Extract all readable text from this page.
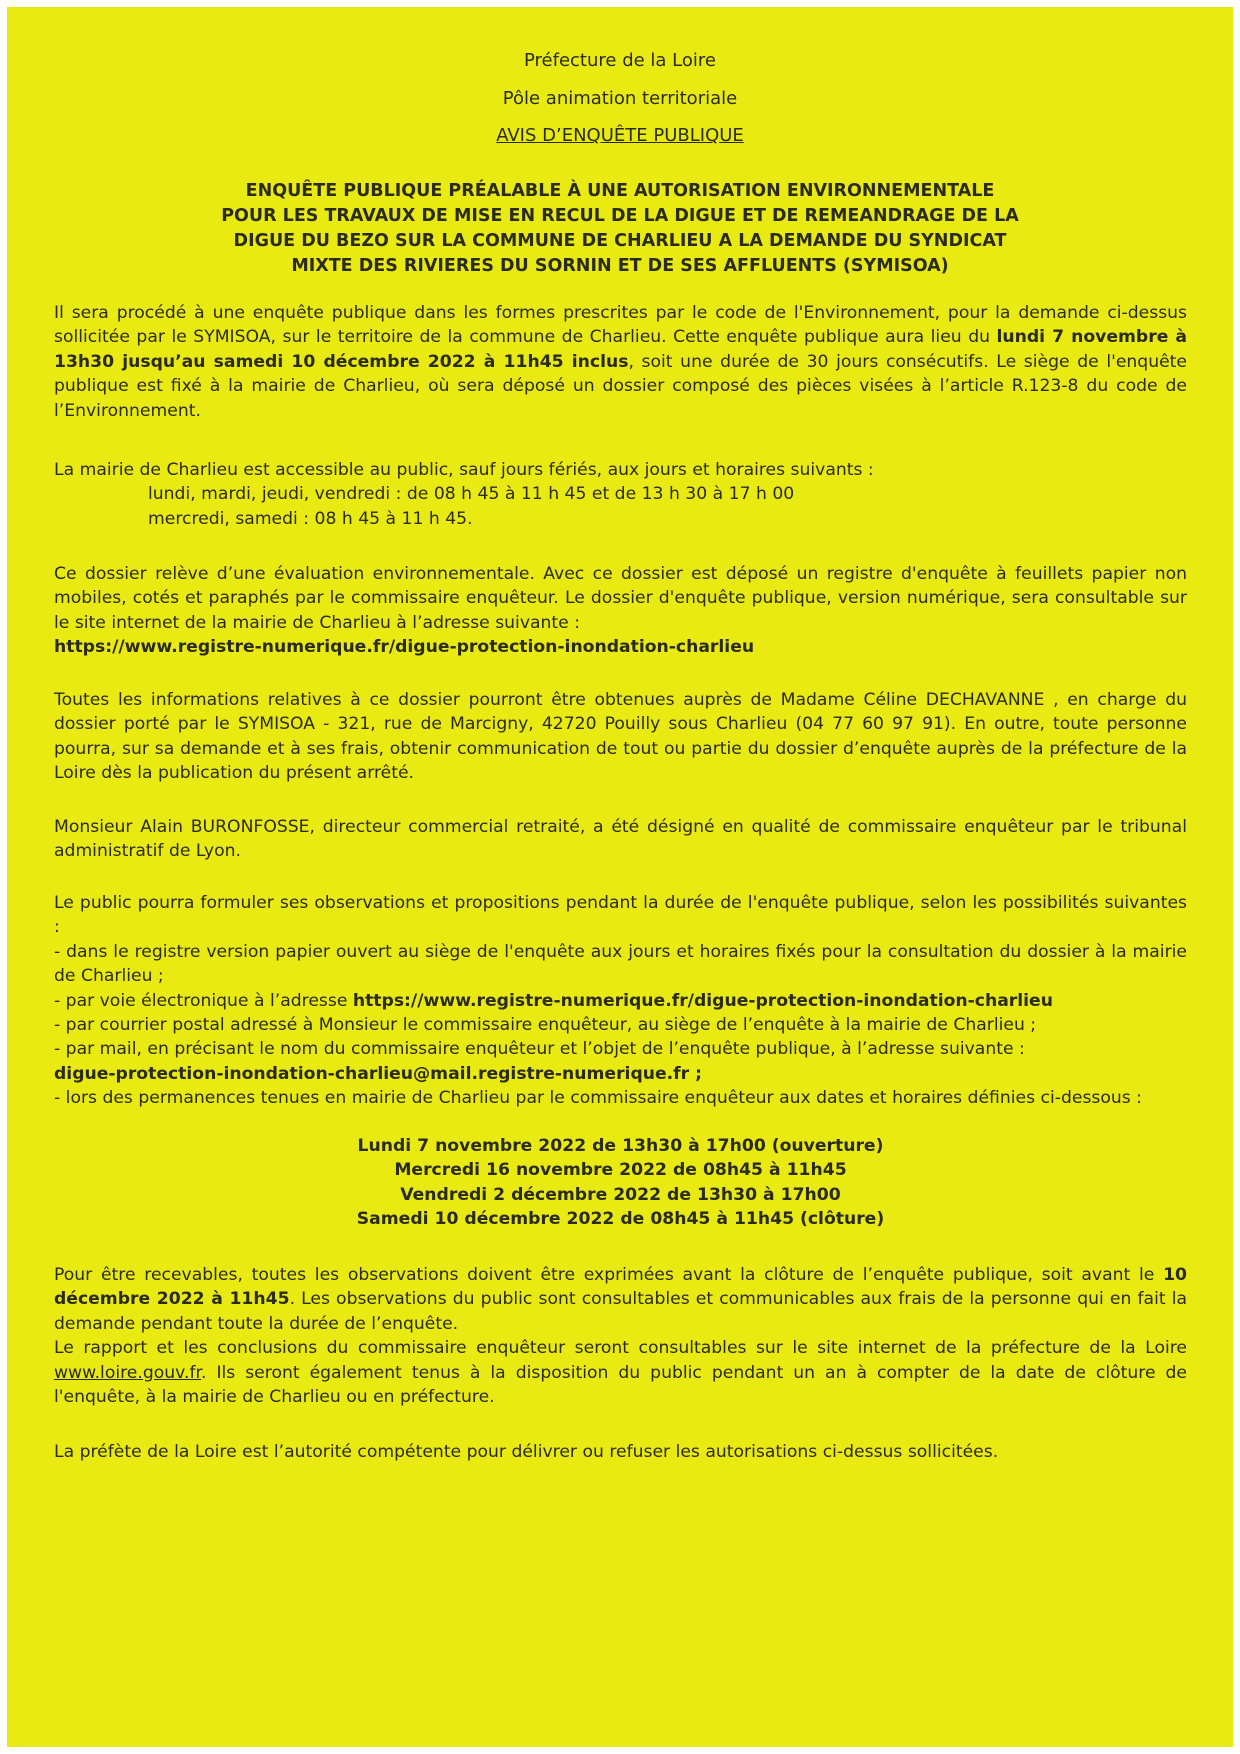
Préfecture de la Loire
Pôle animation territoriale
AVIS D’ENQUÊTE PUBLIQUE
ENQUÊTE PUBLIQUE PRÉALABLE À UNE AUTORISATION ENVIRONNEMENTALE
POUR LES TRAVAUX DE MISE EN RECUL DE LA DIGUE ET DE REMEANDRAGE DE LA
DIGUE DU BEZO SUR LA COMMUNE DE CHARLIEU A LA DEMANDE DU SYNDICAT
MIXTE DES RIVIERES DU SORNIN ET DE SES AFFLUENTS (SYMISOA)

Il sera procédé à une enquête publique dans les formes prescrites par le code de l'Environnement, pour la demande ci-dessus sollicitée par le SYMISOA, sur le territoire de la commune de Charlieu. Cette enquête publique aura lieu du lundi 7 novembre à 13h30 jusqu’au samedi 10 décembre 2022 à 11h45 inclus, soit une durée de 30 jours consécutifs. Le siège de l'enquête publique est fixé à la mairie de Charlieu, où sera déposé un dossier composé des pièces visées à l’article R.123-8 du code de l’Environnement.

La mairie de Charlieu est accessible au public, sauf jours fériés, aux jours et horaires suivants :

lundi, mardi, jeudi, vendredi : de 08 h 45 à 11 h 45 et de 13 h 30 à 17 h 00

mercredi, samedi : 08 h 45 à 11 h 45.

Ce dossier relève d’une évaluation environnementale. Avec ce dossier est déposé un registre d'enquête à feuillets papier non mobiles, cotés et paraphés par le commissaire enquêteur. Le dossier d'enquête publique, version numérique, sera consultable sur le site internet de la mairie de Charlieu à l’adresse suivante :
https://www.registre-numerique.fr/digue-protection-inondation-charlieu

Toutes les informations relatives à ce dossier pourront être obtenues auprès de Madame Céline DECHAVANNE , en charge du dossier porté par le SYMISOA - 321, rue de Marcigny, 42720 Pouilly sous Charlieu (04 77 60 97 91). En outre, toute personne pourra, sur sa demande et à ses frais, obtenir communication de tout ou partie du dossier d’enquête auprès de la préfecture de la Loire dès la publication du présent arrêté.

Monsieur Alain BURONFOSSE, directeur commercial retraité, a été désigné en qualité de commissaire enquêteur par le tribunal administratif de Lyon.

Le public pourra formuler ses observations et propositions pendant la durée de l'enquête publique, selon les possibilités suivantes :

- dans le registre version papier ouvert au siège de l'enquête aux jours et horaires fixés pour la consultation du dossier à la mairie de Charlieu ;

- par voie électronique à l’adresse https://www.registre-numerique.fr/digue-protection-inondation-charlieu

- par courrier postal adressé à Monsieur le commissaire enquêteur, au siège de l’enquête à la mairie de Charlieu ;

- par mail, en précisant le nom du commissaire enquêteur et l’objet de l’enquête publique, à l’adresse suivante :

digue-protection-inondation-charlieu@mail.registre-numerique.fr ;

- lors des permanences tenues en mairie de Charlieu par le commissaire enquêteur aux dates et horaires définies ci-dessous :

Lundi 7 novembre 2022 de 13h30 à 17h00 (ouverture)

Mercredi 16 novembre 2022 de 08h45 à 11h45

Vendredi 2 décembre 2022 de 13h30 à 17h00

Samedi 10 décembre 2022 de 08h45 à 11h45 (clôture)

Pour être recevables, toutes les observations doivent être exprimées avant la clôture de l’enquête publique, soit avant le 10 décembre 2022 à 11h45. Les observations du public sont consultables et communicables aux frais de la personne qui en fait la demande pendant toute la durée de l’enquête.

Le rapport et les conclusions du commissaire enquêteur seront consultables sur le site internet de la préfecture de la Loire www.loire.gouv.fr. Ils seront également tenus à la disposition du public pendant un an à compter de la date de clôture de l'enquête, à la mairie de Charlieu ou en préfecture.

La préfète de la Loire est l’autorité compétente pour délivrer ou refuser les autorisations ci-dessus sollicitées.
